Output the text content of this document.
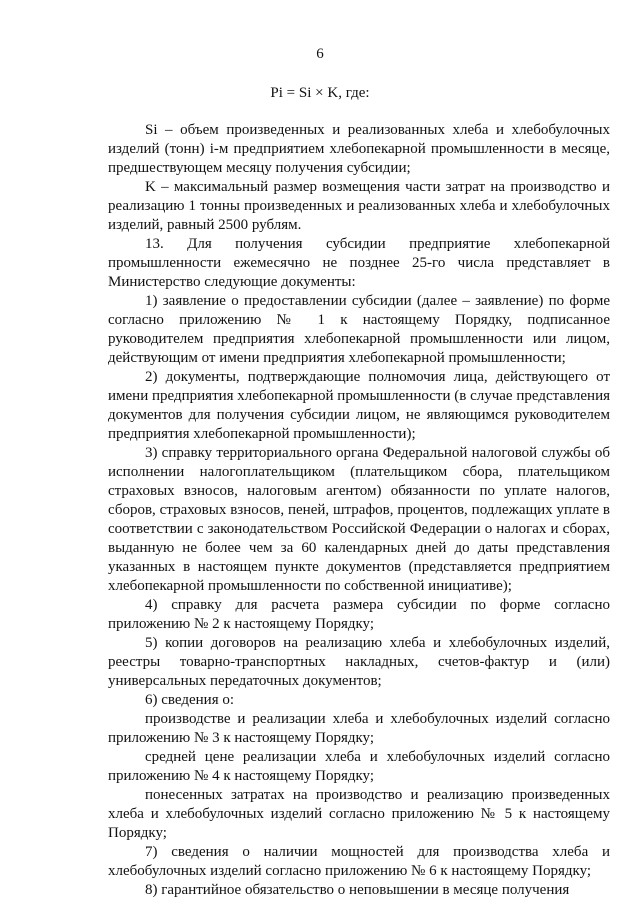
6
Pi = Si × K, где:

Si – объем произведенных и реализованных хлеба и хлебобулочных изделий (тонн) i-м предприятием хлебопекарной промышленности в месяце, предшествующем месяцу получения субсидии;

K – максимальный размер возмещения части затрат на производство и реализацию 1 тонны произведенных и реализованных хлеба и хлебобулочных изделий, равный 2500 рублям.

13. Для получения субсидии предприятие хлебопекарной промышленности ежемесячно не позднее 25-го числа представляет в Министерство следующие документы:

1) заявление о предоставлении субсидии (далее – заявление) по форме согласно приложению № 1 к настоящему Порядку, подписанное руководителем предприятия хлебопекарной промышленности или лицом, действующим от имени предприятия хлебопекарной промышленности;

2) документы, подтверждающие полномочия лица, действующего от имени предприятия хлебопекарной промышленности (в случае представления документов для получения субсидии лицом, не являющимся руководителем предприятия хлебопекарной промышленности);

3) справку территориального органа Федеральной налоговой службы об исполнении налогоплательщиком (плательщиком сбора, плательщиком страховых взносов, налоговым агентом) обязанности по уплате налогов, сборов, страховых взносов, пеней, штрафов, процентов, подлежащих уплате в соответствии с законодательством Российской Федерации о налогах и сборах, выданную не более чем за 60 календарных дней до даты представления указанных в настоящем пункте документов (представляется предприятием хлебопекарной промышленности по собственной инициативе);

4) справку для расчета размера субсидии по форме согласно приложению № 2 к настоящему Порядку;

5) копии договоров на реализацию хлеба и хлебобулочных изделий, реестры товарно-транспортных накладных, счетов-фактур и (или) универсальных передаточных документов;

6) сведения о:

производстве и реализации хлеба и хлебобулочных изделий согласно приложению № 3 к настоящему Порядку;

средней цене реализации хлеба и хлебобулочных изделий согласно приложению № 4 к настоящему Порядку;

понесенных затратах на производство и реализацию произведенных хлеба и хлебобулочных изделий согласно приложению № 5 к настоящему Порядку;

7) сведения о наличии мощностей для производства хлеба и хлебобулочных изделий согласно приложению № 6 к настоящему Порядку;

8) гарантийное обязательство о неповышении в месяце получения
